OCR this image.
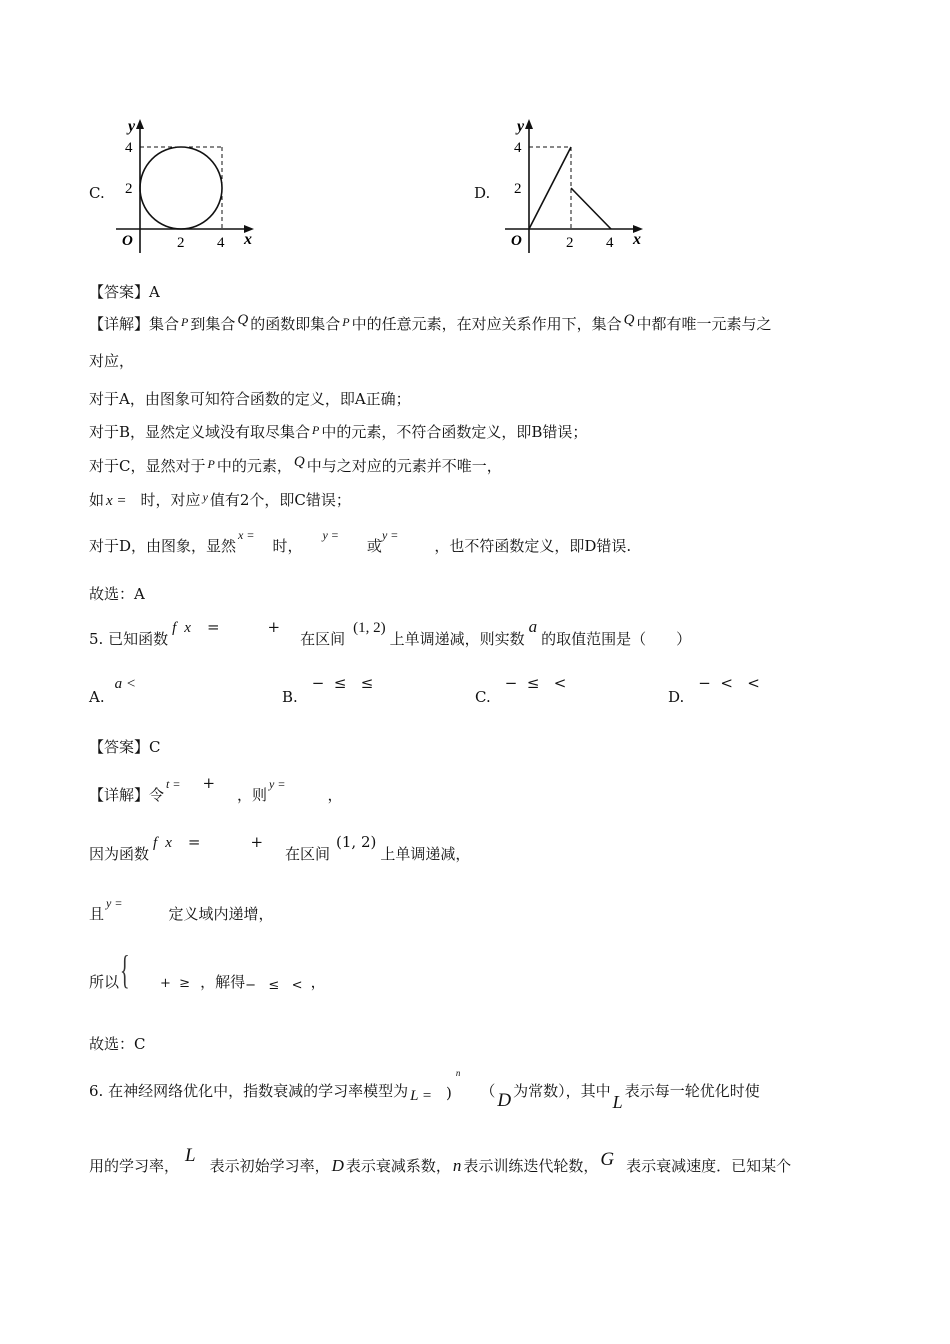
C.
y
x
O
4
2
2 4
D.
y
x
O
4
2
2 4
【答案】A
【详解】集合 $^P$ 到集合 Q 的函数即集合 $^P$ 中的任意元素，在对应关系作用下，集合 Q 中都有唯一元素与之
对应，
对于A，由图象可知符合函数的定义，即A正确；
对于B，显然定义域没有取尽集合 $^P$ 中的元素，不符合函数定义，即B错误；
对于C，显然对于 $^P$ 中的元素， Q 中与之对应的元素并不唯一，
如 x = 时，对应 $^y$ 值有2个，即C错误；
对于D，由图象，显然$^{x =}$时，$^{y =}$或$^{y =}$，也不符函数定义，即D错误.
故选：A
5. 已知函数f x =	+在区间(1, 2)上单调递减，则实数a的取值范围是（　　）
A.a <
B.−  ≤   ≤
C.−  ≤   <
D.−  <   <
【答案】C
【详解】令$^{t =}$ +，则$^{y =}$，
因为函数f x =	+在区间(1, 2)上单调递减，
且$^{y =}$定义域内递增，
所以 { +  ≥ ，解得−   ≤   < ，
故选：C
6. 在神经网络优化中，指数衰减的学习率模型为 L = )$^n$（ D 为常数），其中L表示每一轮优化时使
用的学习率， L 表示初始学习率， D 表示衰减系数， n 表示训练迭代轮数， G 表示衰减速度．已知某个
